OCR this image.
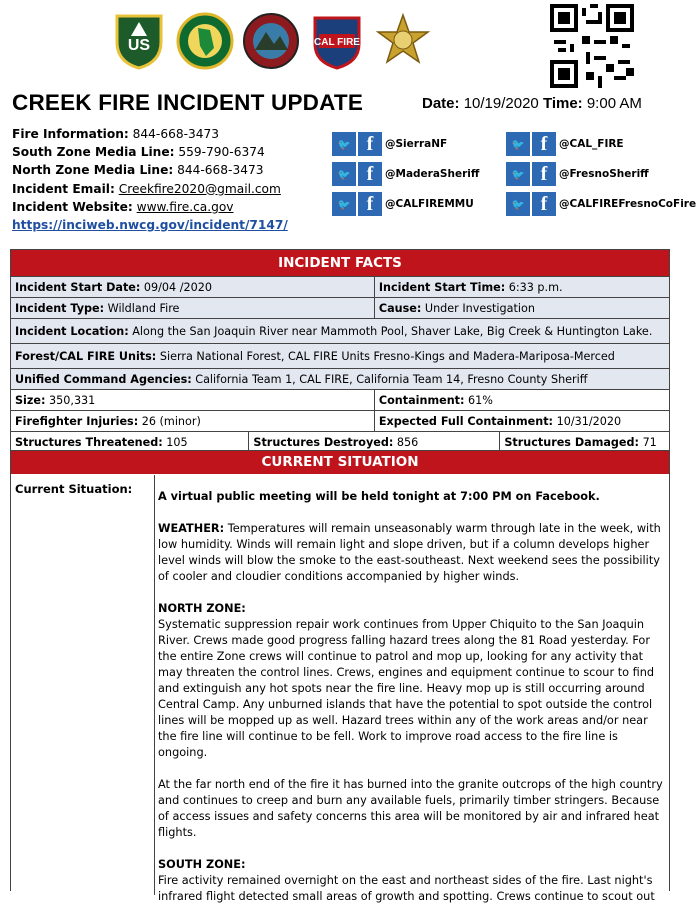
US	CAL FIRE
CREEK FIRE INCIDENT UPDATE	Date: 10/19/2020 Time: 9:00 AM
Fire Information: 844-668-3473
South Zone Media Line: 559-790-6374
North Zone Media Line: 844-668-3473
Incident Email: Creekfire2020@gmail.com
Incident Website: www.fire.ca.gov
https://inciweb.nwcg.gov/incident/7147/
🐦 f	@SierraNF
🐦 f	@MaderaSheriff
🐦 f	@CALFIREMMU
🐦 f	@CAL_FIRE
🐦 f	@FresnoSheriff
🐦 f	@CALFIREFresnoCoFire
INCIDENT FACTS			
Incident Start Date: 09/04 /2020		Incident Start Time: 6:33 p.m.	
Incident Type: Wildland Fire		Cause: Under Investigation	
Incident Location: Along the San Joaquin River near Mammoth Pool, Shaver Lake, Big Creek & Huntington Lake.			
Forest/CAL FIRE Units: Sierra National Forest, CAL FIRE Units Fresno-Kings and Madera-Mariposa-Merced			
Unified Command Agencies: California Team 1, CAL FIRE, California Team 14, Fresno County Sheriff			
Size: 350,331		Containment: 61%	
Firefighter Injuries: 26 (minor)		Expected Full Containment: 10/31/2020	
Structures Threatened: 105	Structures Destroyed: 856		Structures Damaged: 71
CURRENT SITUATION
Current Situation:

A virtual public meeting will be held tonight at 7:00 PM on Facebook.

WEATHER: Temperatures will remain unseasonably warm through late in the week, with low humidity. Winds will remain light and slope driven, but if a column develops higher level winds will blow the smoke to the east-southeast. Next weekend sees the possibility of cooler and cloudier conditions accompanied by higher winds.

NORTH ZONE:

Systematic suppression repair work continues from Upper Chiquito to the San Joaquin River. Crews made good progress falling hazard trees along the 81 Road yesterday. For the entire Zone crews will continue to patrol and mop up, looking for any activity that may threaten the control lines. Crews, engines and equipment continue to scour to find and extinguish any hot spots near the fire line. Heavy mop up is still occurring around Central Camp. Any unburned islands that have the potential to spot outside the control lines will be mopped up as well. Hazard trees within any of the work areas and/or near the fire line will continue to be fell. Work to improve road access to the fire line is ongoing.

At the far north end of the fire it has burned into the granite outcrops of the high country and continues to creep and burn any available fuels, primarily timber stringers. Because of access issues and safety concerns this area will be monitored by air and infrared heat flights.

SOUTH ZONE:

Fire activity remained overnight on the east and northeast sides of the fire. Last night's infrared flight detected small areas of growth and spotting. Crews continue to scout out
